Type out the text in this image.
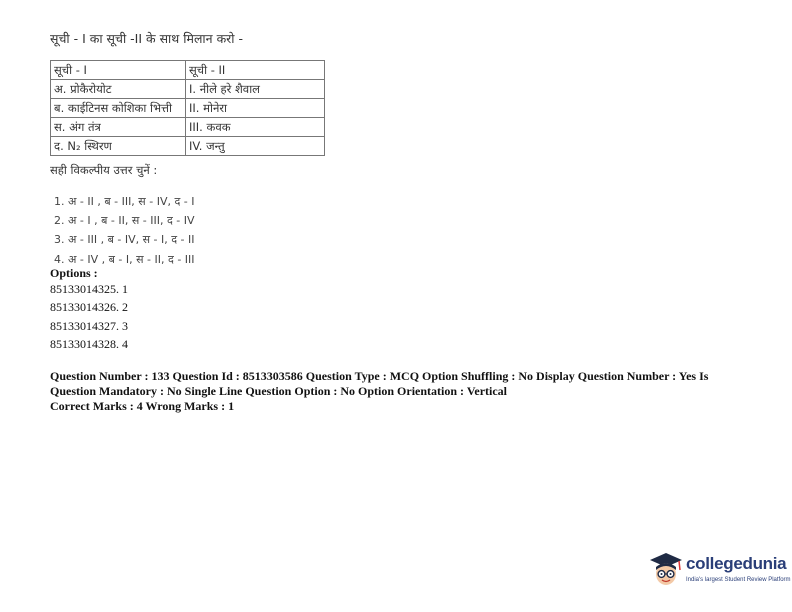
सूची - I का सूची -II के साथ मिलान करो -
सूची - I	सूची - II
अ. प्रोकैरोयोट	I. नीले हरे शैवाल
ब. काईटिनस कोशिका भित्ती	II. मोनेरा
स. अंग तंत्र	III. कवक
द. N₂ स्थिरण	IV. जन्तु
सही विकल्पीय उत्तर चुनें :
1. अ - II , ब - III, स - IV, द - I
2. अ - I , ब - II, स - III, द - IV
3. अ - III , ब - IV, स - I, द - II
4. अ - IV , ब - I, स - II, द - III
Options :
85133014325. 1
85133014326. 2
85133014327. 3
85133014328. 4
Question Number : 133 Question Id : 8513303586 Question Type : MCQ Option Shuffling : No Display Question Number : Yes Is
Question Mandatory : No Single Line Question Option : No Option Orientation : Vertical
Correct Marks : 4 Wrong Marks : 1
collegedunia
India's largest Student Review Platform
